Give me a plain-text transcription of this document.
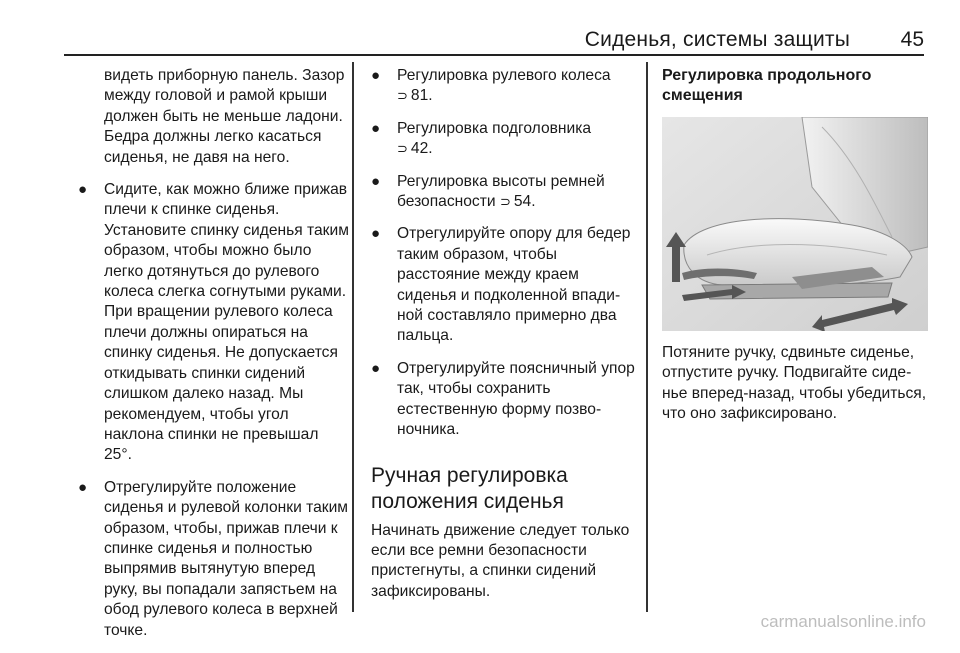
Сиденья, системы защиты 45

видеть приборную панель. Зазор между головой и рамой крыши должен быть не меньше ладони. Бедра должны легко касаться сиденья, не давя на него.

● Сидите, как можно ближе прижав плечи к спинке сиденья. Установите спинку сиденья таким образом, чтобы можно было легко дотянуться до рулевого колеса слегка согнутыми руками. При вращении рулевого колеса плечи должны опираться на спинку сиденья. Не допускается откидывать спинки сидений слишком далеко назад. Мы рекомендуем, чтобы угол наклона спинки не превышал 25°.
● Отрегулируйте положение сиденья и рулевой колонки таким образом, чтобы, прижав плечи к спинке сиденья и полностью выпрямив вытянутую вперед руку, вы попадали запястьем на обод рулевого колеса в верхней точке.
● Регулировка рулевого колеса
⊃ 81.
● Регулировка подголовника
⊃ 42.
● Регулировка высоты ремней безопасности ⊃ 54.
● Отрегулируйте опору для бедер таким образом, чтобы расстояние между краем сиденья и подколенной впадиной составляло примерно два пальца.
● Отрегулируйте поясничный упор так, чтобы сохранить естественную форму позвоночника.
Ручная регулировка положения сиденья

Начинать движение следует только если все ремни безопасности пристегнуты, а спинки сидений зафиксированы.

Регулировка продольного смещения

Потяните ручку, сдвиньте сиденье, отпустите ручку. Подвигайте сиденье вперед-назад, чтобы убедиться, что оно зафиксировано.

carmanualsonline.info
